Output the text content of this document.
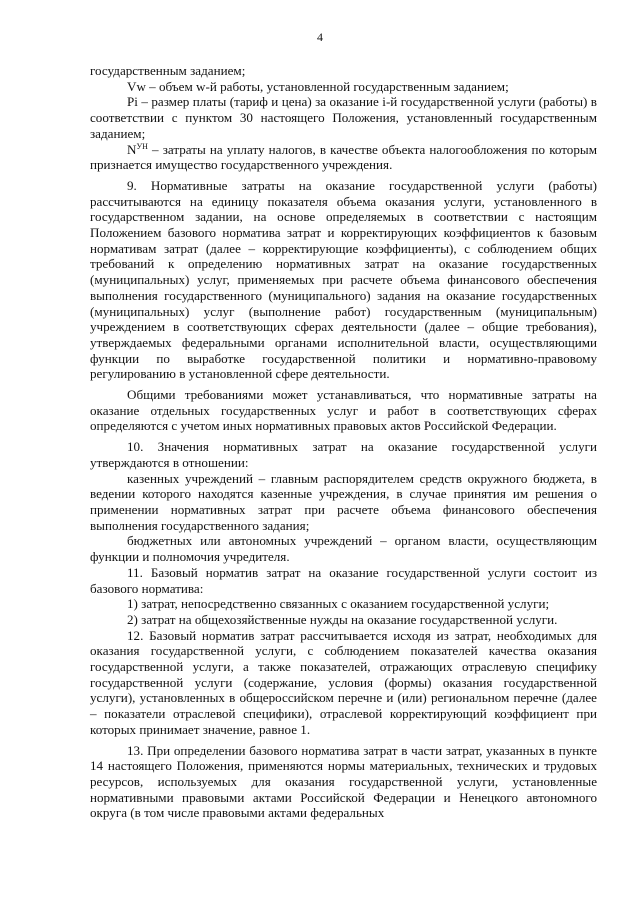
4

государственным заданием;

Vw – объем w-й работы, установленной государственным заданием;

Pi – размер платы (тариф и цена) за оказание i-й государственной услуги (работы) в соответствии с пунктом 30 настоящего Положения, установленный государственным заданием;

$N^{УН}$ – затраты на уплату налогов, в качестве объекта налогообложения по которым признается имущество государственного учреждения.

9. Нормативные затраты на оказание государственной услуги (работы) рассчитываются на единицу показателя объема оказания услуги, установленного в государственном задании, на основе определяемых в соответствии с настоящим Положением базового норматива затрат и корректирующих коэффициентов к базовым нормативам затрат (далее – корректирующие коэффициенты), с соблюдением общих требований к определению нормативных затрат на оказание государственных (муниципальных) услуг, применяемых при расчете объема финансового обеспечения выполнения государственного (муниципального) задания на оказание государственных (муниципальных) услуг (выполнение работ) государственным (муниципальным) учреждением в соответствующих сферах деятельности (далее – общие требования), утверждаемых федеральными органами исполнительной власти, осуществляющими функции по выработке государственной политики и нормативно-правовому регулированию в установленной сфере деятельности.

Общими требованиями может устанавливаться, что нормативные затраты на оказание отдельных государственных услуг и работ в соответствующих сферах определяются с учетом иных нормативных правовых актов Российской Федерации.

10. Значения нормативных затрат на оказание государственной услуги утверждаются в отношении:

казенных учреждений – главным распорядителем средств окружного бюджета, в ведении которого находятся казенные учреждения, в случае принятия им решения о применении нормативных затрат при расчете объема финансового обеспечения выполнения государственного задания;

бюджетных или автономных учреждений – органом власти, осуществляющим функции и полномочия учредителя.

11. Базовый норматив затрат на оказание государственной услуги состоит из базового норматива:

1) затрат, непосредственно связанных с оказанием государственной услуги;

2) затрат на общехозяйственные нужды на оказание государственной услуги.

12. Базовый норматив затрат рассчитывается исходя из затрат, необходимых для оказания государственной услуги, с соблюдением показателей качества оказания государственной услуги, а также показателей, отражающих отраслевую специфику государственной услуги (содержание, условия (формы) оказания государственной услуги), установленных в общероссийском перечне и (или) региональном перечне (далее – показатели отраслевой специфики), отраслевой корректирующий коэффициент при которых принимает значение, равное 1.

13. При определении базового норматива затрат в части затрат, указанных в пункте 14 настоящего Положения, применяются нормы материальных, технических и трудовых ресурсов, используемых для оказания государственной услуги, установленные нормативными правовыми актами Российской Федерации и Ненецкого автономного округа (в том числе правовыми актами федеральных
